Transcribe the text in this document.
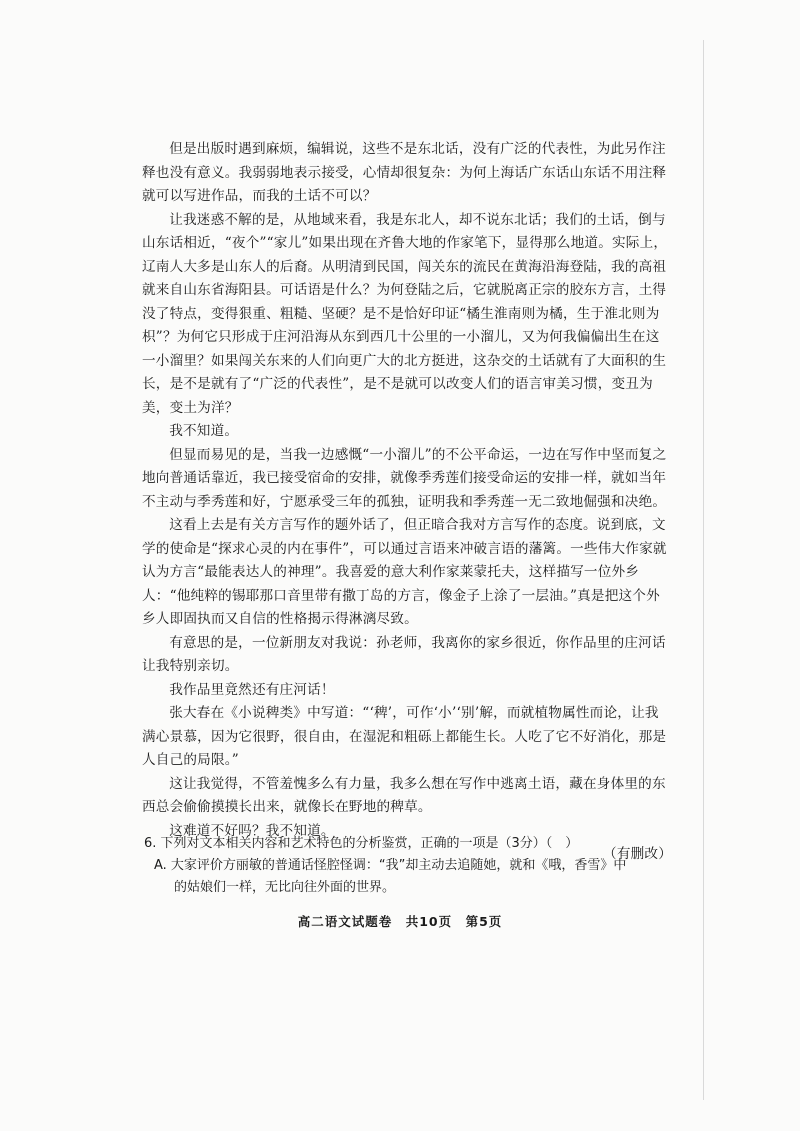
但是出版时遇到麻烦，编辑说，这些不是东北话，没有广泛的代表性，为此另作注释也没有意义。我弱弱地表示接受，心情却很复杂：为何上海话广东话山东话不用注释就可以写进作品，而我的土话不可以？

让我迷惑不解的是，从地域来看，我是东北人，却不说东北话；我们的土话，倒与山东话相近，“夜个”“家儿”如果出现在齐鲁大地的作家笔下，显得那么地道。实际上，辽南人大多是山东人的后裔。从明清到民国，闯关东的流民在黄海沿海登陆，我的高祖就来自山东省海阳县。可话语是什么？为何登陆之后，它就脱离正宗的胶东方言，土得没了特点，变得狠重、粗糙、坚硬？是不是恰好印证“橘生淮南则为橘，生于淮北则为枳”？为何它只形成于庄河沿海从东到西几十公里的一小溜儿，又为何我偏偏出生在这一小溜里？如果闯关东来的人们向更广大的北方挺进，这杂交的土话就有了大面积的生长，是不是就有了“广泛的代表性”，是不是就可以改变人们的语言审美习惯，变丑为美，变土为洋？

我不知道。

但显而易见的是，当我一边感慨“一小溜儿”的不公平命运，一边在写作中坚而复之地向普通话靠近，我已接受宿命的安排，就像季秀莲们接受命运的安排一样，就如当年不主动与季秀莲和好，宁愿承受三年的孤独，证明我和季秀莲一无二致地倔强和决绝。

这看上去是有关方言写作的题外话了，但正暗合我对方言写作的态度。说到底，文学的使命是“探求心灵的内在事件”，可以通过言语来冲破言语的藩篱。一些伟大作家就认为方言“最能表达人的神理”。我喜爱的意大利作家莱蒙托夫，这样描写一位外乡人：“他纯粹的锡耶那口音里带有撒丁岛的方言，像金子上涂了一层油。”真是把这个外乡人即固执而又自信的性格揭示得淋漓尽致。

有意思的是，一位新朋友对我说：孙老师，我离你的家乡很近，你作品里的庄河话让我特别亲切。

我作品里竟然还有庄河话！

张大春在《小说稗类》中写道：“‘稗’，可作‘小’‘别’解，而就植物属性而论，让我满心景慕，因为它很野，很自由，在湿泥和粗砾上都能生长。人吃了它不好消化，那是人自己的局限。”

这让我觉得，不管羞愧多么有力量，我多么想在写作中逃离土语，藏在身体里的东西总会偷偷摸摸长出来，就像长在野地的稗草。

这难道不好吗？我不知道。

（有删改）

6. 下列对文本相关内容和艺术特色的分析鉴赏，正确的一项是（3分）（　）

A. 大家评价方丽敏的普通话怪腔怪调：“我”却主动去追随她，就和《哦，香雪》中

的姑娘们一样，无比向往外面的世界。

高二语文试题卷　共10页　第5页
